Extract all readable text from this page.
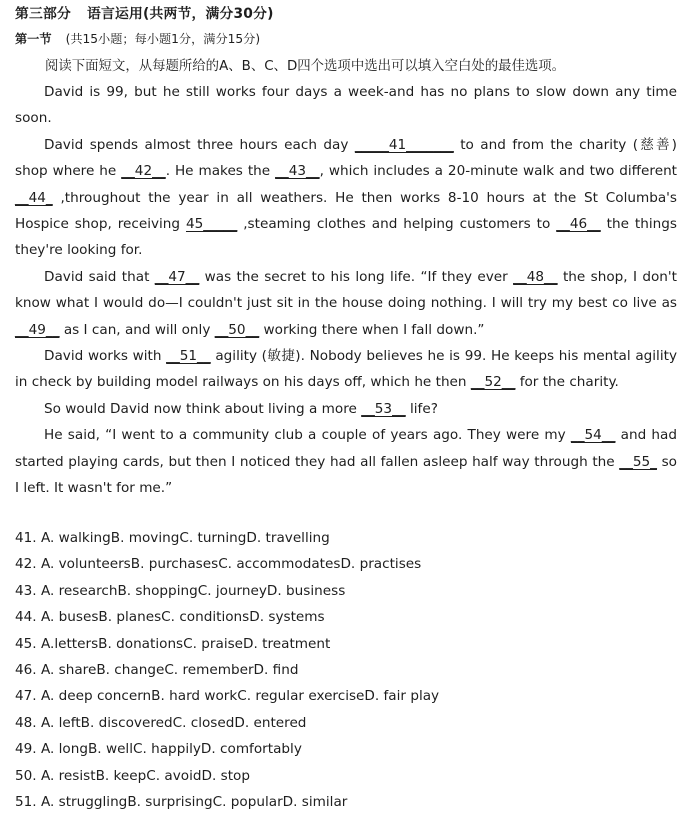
第三部分 语言运用(共两节，满分30分)
第一节 (共15小题；每小题1分，满分15分)
阅读下面短文，从每题所给的A、B、C、D四个选项中选出可以填入空白处的最佳选项。

David is 99, but he still works four days a week-and has no plans to slow down any time soon.

David spends almost three hours each day _____41_______ to and from the charity (慈善) shop where he __42__. He makes the __43__, which includes a 20-minute walk and two different __44_ ,throughout the year in all weathers. He then works 8-10 hours at the St Columba's Hospice shop, receiving 45_____ ,steaming clothes and helping customers to __46__ the things they're looking for.

David said that __47__ was the secret to his long life. “If they ever __48__ the shop, I don't know what I would do—I couldn't just sit in the house doing nothing. I will try my best co live as __49__ as I can, and will only __50__ working there when I fall down.”

David works with __51__ agility (敏捷). Nobody believes he is 99. He keeps his mental agility in check by building model railways on his days off, which he then __52__ for the charity.

So would David now think about living a more __53__ life?

He said, “I went to a community club a couple of years ago. They were my __54__ and had started playing cards, but then I noticed they had all fallen asleep half way through the __55_ so I left. It wasn't for me.”

41. A. walkingB. movingC. turningD. travelling
42. A. volunteersB. purchasesC. accommodatesD. practises
43. A. researchB. shoppingC. journeyD. business
44. A. busesB. planesC. conditionsD. systems
45. A.lettersB. donationsC. praiseD. treatment
46. A. shareB. changeC. rememberD. find
47. A. deep concernB. hard workC. regular exerciseD. fair play
48. A. leftB. discoveredC. closedD. entered
49. A. longB. wellC. happilyD. comfortably
50. A. resistB. keepC. avoidD. stop
51. A. strugglingB. surprisingC. popularD. similar
